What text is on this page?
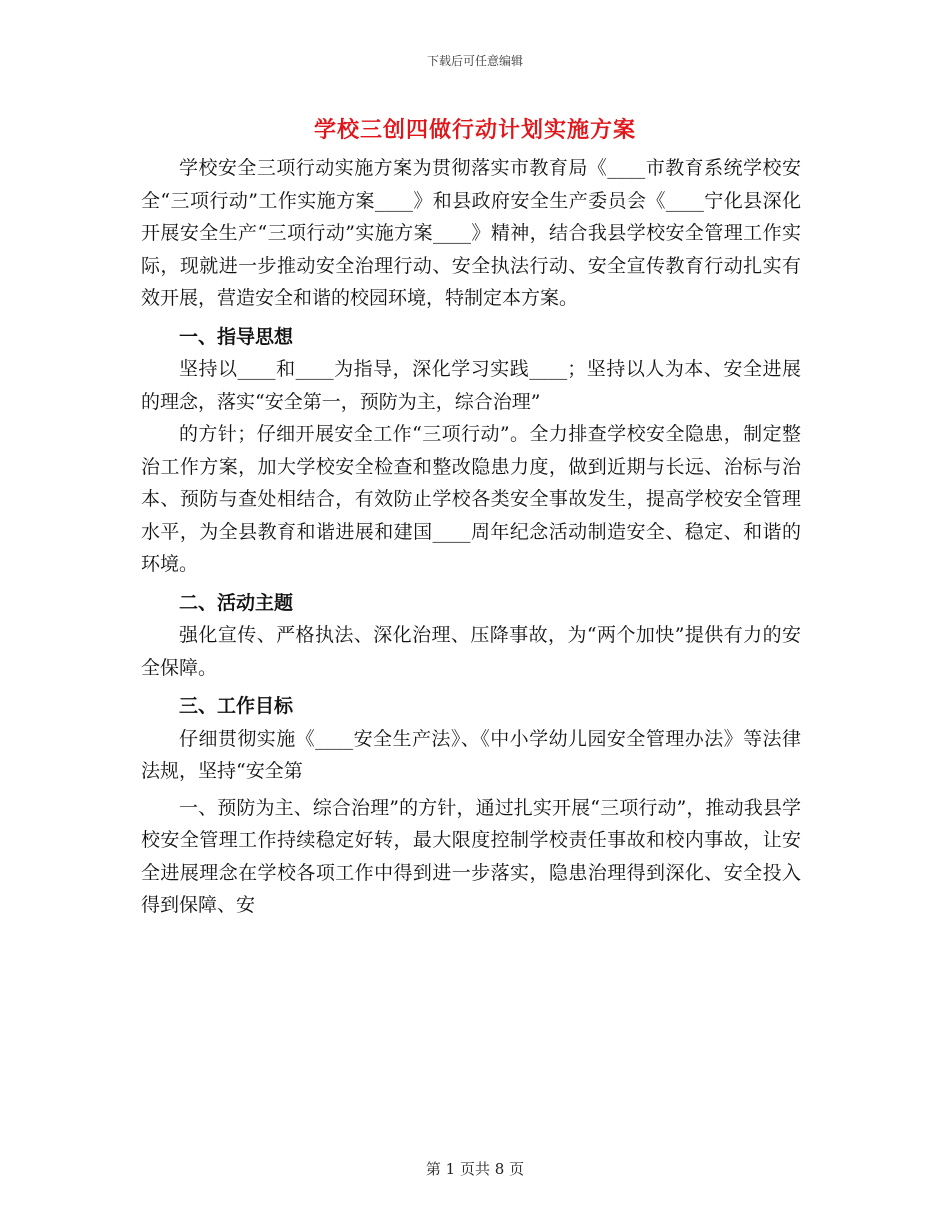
下载后可任意编辑
学校三创四做行动计划实施方案

学校安全三项行动实施方案为贯彻落实市教育局《____市教育系统学校安全“三项行动”工作实施方案____》和县政府安全生产委员会《____宁化县深化开展安全生产“三项行动”实施方案____》精神，结合我县学校安全管理工作实际，现就进一步推动安全治理行动、安全执法行动、安全宣传教育行动扎实有效开展，营造安全和谐的校园环境，特制定本方案。

一、指导思想

坚持以____和____为指导，深化学习实践____；坚持以人为本、安全进展的理念，落实“安全第一，预防为主，综合治理”

的方针；仔细开展安全工作“三项行动”。全力排查学校安全隐患，制定整治工作方案，加大学校安全检查和整改隐患力度，做到近期与长远、治标与治本、预防与查处相结合，有效防止学校各类安全事故发生，提高学校安全管理水平，为全县教育和谐进展和建国____周年纪念活动制造安全、稳定、和谐的环境。

二、活动主题

强化宣传、严格执法、深化治理、压降事故，为“两个加快”提供有力的安全保障。

三、工作目标

仔细贯彻实施《____安全生产法》、《中小学幼儿园安全管理办法》等法律法规，坚持“安全第

一、预防为主、综合治理”的方针，通过扎实开展“三项行动”，推动我县学校安全管理工作持续稳定好转，最大限度控制学校责任事故和校内事故，让安全进展理念在学校各项工作中得到进一步落实，隐患治理得到深化、安全投入得到保障、安

第 1 页共 8 页
